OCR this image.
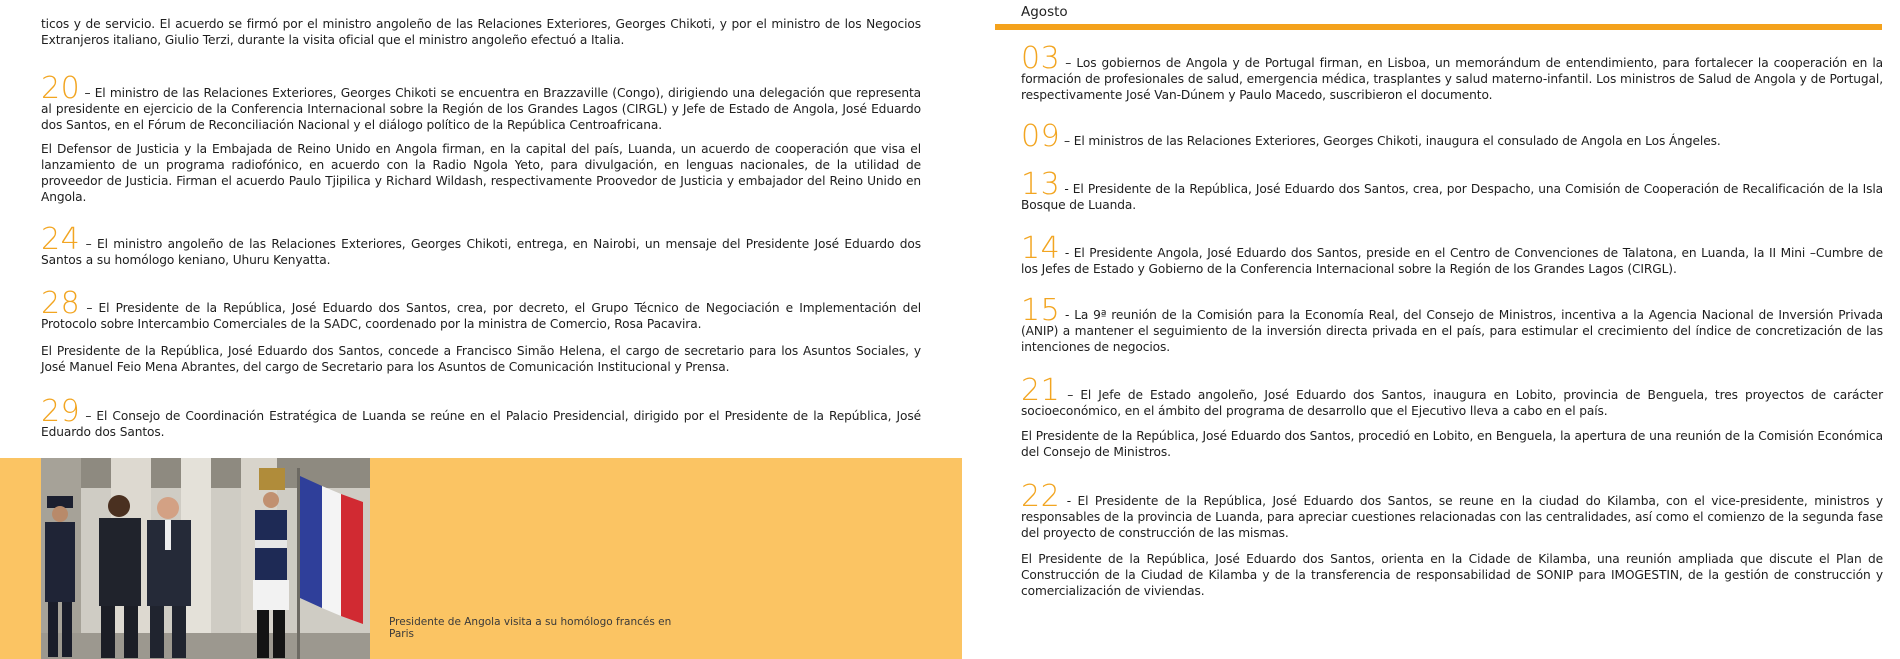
ticos y de servicio. El acuerdo se firmó por el ministro angoleño de las Relaciones Exteriores, Georges Chikoti, y por el ministro de los Negocios Extranjeros italiano, Giulio Terzi, durante la visita oficial que el ministro angoleño efectuó a Italia.

20 – El ministro de las Relaciones Exteriores, Georges Chikoti se encuentra en Brazzaville (Congo), dirigiendo una delegación que representa al presidente en ejercicio de la Conferencia Internacional sobre la Región de los Grandes Lagos (CIRGL) y Jefe de Estado de Angola, José Eduardo dos Santos, en el Fórum de Reconciliación Nacional y el diálogo político de la República Centroafricana.

El Defensor de Justicia y la Embajada de Reino Unido en Angola firman, en la capital del país, Luanda, un acuerdo de cooperación que visa el lanzamiento de un programa radiofónico, en acuerdo con la Radio Ngola Yeto, para divulgación, en lenguas nacionales, de la utilidad de proveedor de Justicia. Firman el acuerdo Paulo Tjipilica y Richard Wildash, respectivamente Proovedor de Justicia y embajador del Reino Unido en Angola.

24 – El ministro angoleño de las Relaciones Exteriores, Georges Chikoti, entrega, en Nairobi, un mensaje del Presidente José Eduardo dos Santos a su homólogo keniano, Uhuru Kenyatta.

28 – El Presidente de la República, José Eduardo dos Santos, crea, por decreto, el Grupo Técnico de Negociación e Implementación del Protocolo sobre Intercambio Comerciales de la SADC, coordenado por la ministra de Comercio, Rosa Pacavira.

El Presidente de la República, José Eduardo dos Santos, concede a Francisco Simão Helena, el cargo de secretario para los Asuntos Sociales, y José Manuel Feio Mena Abrantes, del cargo de Secretario para los Asuntos de Comunicación Institucional y Prensa.

29 – El Consejo de Coordinación Estratégica de Luanda se reúne en el Palacio Presidencial, dirigido por el Presidente de la República, José Eduardo dos Santos.

Presidente de Angola visita a su homólogo francés en Paris
Agosto

03 – Los gobiernos de Angola y de Portugal firman, en Lisboa, un memorándum de entendimiento, para fortalecer la cooperación en la formación de profesionales de salud, emergencia médica, trasplantes y salud materno-infantil. Los ministros de Salud de Angola y de Portugal, respectivamente José Van-Dúnem y Paulo Macedo, suscribieron el documento.

09 – El ministros de las Relaciones Exteriores, Georges Chikoti, inaugura el consulado de Angola en Los Ángeles.

13 - El Presidente de la República, José Eduardo dos Santos, crea, por Despacho, una Comisión de Cooperación de Recalificación de la Isla Bosque de Luanda.

14 - El Presidente Angola, José Eduardo dos Santos, preside en el Centro de Convenciones de Talatona, en Luanda, la II Mini –Cumbre de los Jefes de Estado y Gobierno de la Conferencia Internacional sobre la Región de los Grandes Lagos (CIRGL).

15 - La 9ª reunión de la Comisión para la Economía Real, del Consejo de Ministros, incentiva a la Agencia Nacional de Inversión Privada (ANIP) a mantener el seguimiento de la inversión directa privada en el país, para estimular el crecimiento del índice de concretización de las intenciones de negocios.

21 – El Jefe de Estado angoleño, José Eduardo dos Santos, inaugura en Lobito, provincia de Benguela, tres proyectos de carácter socioeconómico, en el ámbito del programa de desarrollo que el Ejecutivo lleva a cabo en el país.

El Presidente de la República, José Eduardo dos Santos, procedió en Lobito, en Benguela, la apertura de una reunión de la Comisión Económica del Consejo de Ministros.

22 - El Presidente de la República, José Eduardo dos Santos, se reune en la ciudad do Kilamba, con el vice-presidente, ministros y responsables de la provincia de Luanda, para apreciar cuestiones relacionadas con las centralidades, así como el comienzo de la segunda fase del proyecto de construcción de las mismas.

El Presidente de la República, José Eduardo dos Santos, orienta en la Cidade de Kilamba, una reunión ampliada que discute el Plan de Construcción de la Ciudad de Kilamba y de la transferencia de responsabilidad de SONIP para IMOGESTIN, de la gestión de construcción y comercialización de viviendas.
